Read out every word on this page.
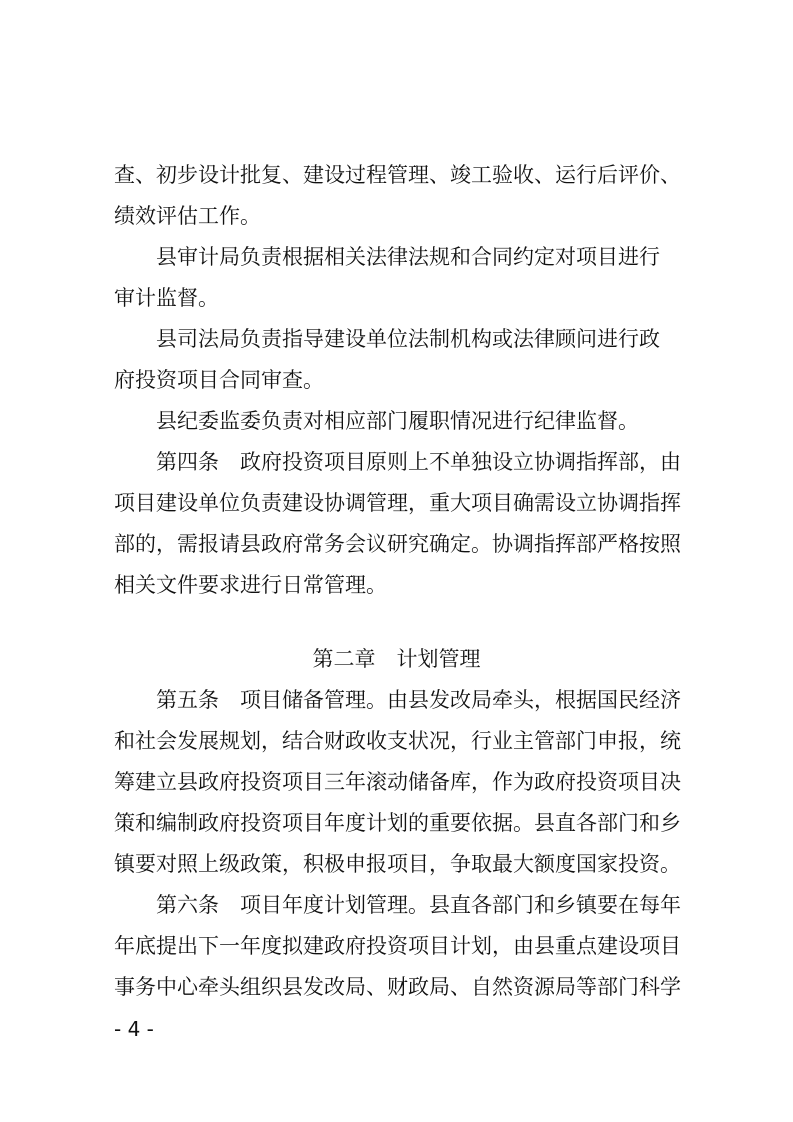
查、初步设计批复、建设过程管理、竣工验收、运行后评价、
绩效评估工作。
县审计局负责根据相关法律法规和合同约定对项目进行
审计监督。
县司法局负责指导建设单位法制机构或法律顾问进行政
府投资项目合同审查。
县纪委监委负责对相应部门履职情况进行纪律监督。
第四条 政府投资项目原则上不单独设立协调指挥部，由
项目建设单位负责建设协调管理，重大项目确需设立协调指挥
部的，需报请县政府常务会议研究确定。协调指挥部严格按照
相关文件要求进行日常管理。
第二章 计划管理
第五条 项目储备管理。由县发改局牵头，根据国民经济
和社会发展规划，结合财政收支状况，行业主管部门申报，统
筹建立县政府投资项目三年滚动储备库，作为政府投资项目决
策和编制政府投资项目年度计划的重要依据。县直各部门和乡
镇要对照上级政策，积极申报项目，争取最大额度国家投资。
第六条 项目年度计划管理。县直各部门和乡镇要在每年
年底提出下一年度拟建政府投资项目计划，由县重点建设项目
事务中心牵头组织县发改局、财政局、自然资源局等部门科学
- 4 -
